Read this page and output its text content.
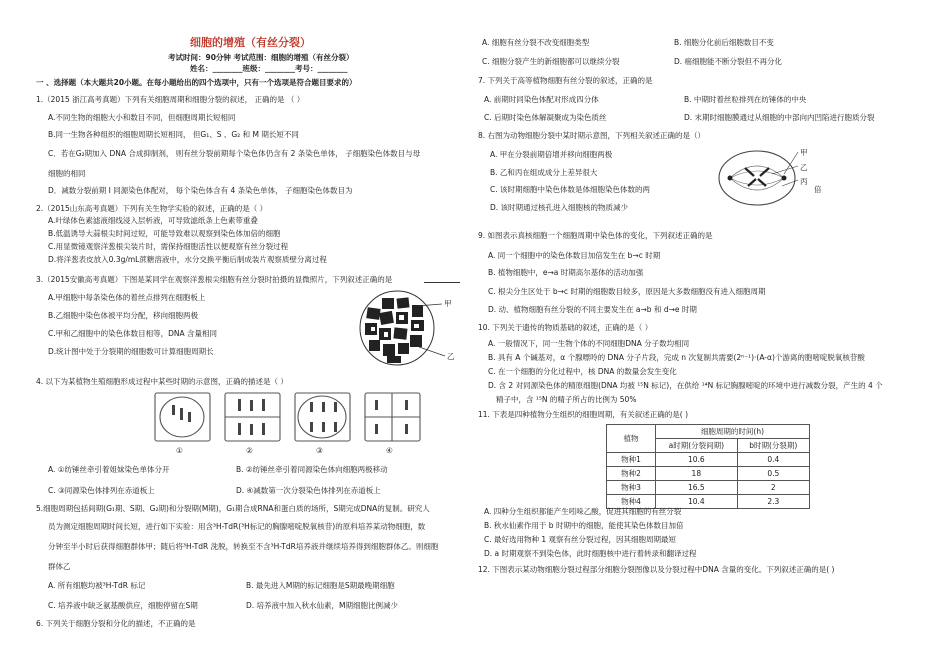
细胞的增殖（有丝分裂）
考试时间：90分钟 考试范围：细胞的增殖（有丝分裂）
姓名：________班级：________考号：________
一 、选择题（本大题共20小题。在每小题给出的四个选项中，只有一个选项是符合题目要求的）
1.（2015 浙江高考真题）下列有关细胞周期和细胞分裂的叙述， 正确的是 （ ）
A.不同生物的细胞大小和数目不同，但细胞周期长短相同
B.同一生物各种组织的细胞周期长短相同， 但G₁、S 、G₂ 和 M 期长短不同
C．若在G₂期加入 DNA 合成抑制剂， 则有丝分裂前期每个染色体仍含有 2 条染色单体， 子细胞染色体数目与母
细胞的相同
D．减数分裂前期 I 同源染色体配对， 每个染色体含有 4 条染色单体， 子细胞染色体数目为
2.（2015山东高考真题）下列有关生物学实验的叙述，正确的是（ ）
A.叶绿体色素滤液细线浸入层析液，可导致滤纸条上色素带重叠
B.低温诱导大蒜根尖时间过短，可能导致难以观察到染色体加倍的细胞
C.用显微镜观察洋葱根尖装片时，需保持细胞活性以便观察有丝分裂过程
D.将洋葱表皮放入0.3g/mL蔗糖溶液中，水分交换平衡后制成装片观察质壁分离过程
3.（2015安徽高考真题）下图是某同学在观察洋葱根尖细胞有丝分裂时拍摄的显微照片，下列叙述正确的是
A.甲细胞中每条染色体的着丝点排列在细胞板上
B.乙细胞中染色体被平均分配，移向细胞两极
C.甲和乙细胞中的染色体数目相等，DNA 含量相同
D.统计图中处于分裂期的细胞数可计算细胞周期长
甲
乙
4. 以下为某植物生殖细胞形成过程中某些时期的示意图，正确的描述是（ ）
①	②	③	④
A. ①纺锤丝牵引着姐妹染色单体分开	B. ②纺锤丝牵引着同源染色体向细胞两极移动
C. ③同源染色体排列在赤道板上	D. ④减数第一次分裂染色体排列在赤道板上
5.细胞周期包括间期(G₁期、S期、G₂期)和分裂期(M期)，G₁期合成RNA和蛋白质的场所，S期完成DNA的复制。研究人
员为测定细胞周期时间长短，进行如下实验：用含³H-TdR(³H标记的胸腺嘧啶脱氧核苷)的原料培养某动物细胞，数
分钟至半小时后获得细胞群体甲；随后将³H-TdR 洗脱，转换至不含³H-TdR培养液并继续培养得到细胞群体乙。则细胞
群体乙
A. 所有细胞均被³H-TdR 标记	B. 最先进入M期的标记细胞是S期最晚期细胞
C. 培养液中缺乏氨基酸供应，细胞停留在S期	D. 培养液中加入秋水仙素，M期细胞比例减少
6. 下列关于细胞分裂和分化的描述，不正确的是
A. 细胞有丝分裂不改变细胞类型	B. 细胞分化前后细胞数目不变
C. 细胞分裂产生的新细胞都可以继续分裂	D. 癌细胞能不断分裂但不再分化
7. 下列关于高等植物细胞有丝分裂的叙述，正确的是
A. 前期时同染色体配对形成四分体	B. 中期时着丝粒排列在纺锤体的中央
C. 后期时染色体解凝聚成为染色质丝	D. 末期时细胞膜通过从细胞的中部向内凹陷进行胞质分裂
8. 右图为动物细胞分裂中某时期示意图，下列相关叙述正确的是（）
A. 甲在分裂前期倍增并移向细胞两极
B. 乙和丙在组成成分上差异很大
C. 该时期细胞中染色体数是体细胞染色体数的两	倍
D. 该时期通过核孔进入细胞核的物质减少
甲
乙
丙
9. 如图表示真核细胞一个细胞周期中染色体的变化，下列叙述正确的是
A. 同一个细胞中的染色体数目加倍发生在 b→c 时期
B. 植物细胞中，e→a 时期高尔基体的活动加强
C. 根尖分生区处于 b→c 时期的细胞数目较多，原因是大多数细胞没有进入细胞周期
D. 动、植物细胞有丝分裂的不同主要发生在 a→b 和 d→e 时期
10. 下列关于遗传的物质基础的叙述，正确的是（ ）
A. 一般情况下，同一生物个体的不同细胞DNA 分子数均相同
B. 具有 A 个碱基对，α 个腺嘌呤的 DNA 分子片段，完成 n 次复制共需要(2ⁿ⁻¹)·(A-α)个游离的胞嘧啶脱氧核苷酸
C. 在一个细胞的分化过程中，核 DNA 的数量会发生变化
D. 含 2 对同源染色体的精原细胞(DNA 均被 ¹⁵N 标记)，在供给 ¹⁴N 标记胸腺嘧啶的环境中进行减数分裂，产生的 4 个
精子中，含 ¹⁵N 的精子所占的比例为 50%
11. 下表是四种植物分生组织的细胞周期，有关叙述正确的是( )
植物	细胞周期的时间(h)	
	a时期(分裂间期)	b时期(分裂期)
物种1	10.6	0.4
物种2	18	0.5
物种3	16.5	2
物种4	10.4	2.3
A. 四种分生组织都能产生吲哚乙酸，促进其细胞的有丝分裂
B. 秋水仙素作用于 b 时期中的细胞，能使其染色体数目加倍
C. 最好选用物种 1 观察有丝分裂过程，因其细胞周期最短
D. a 时期观察不到染色体，此时细胞核中进行着转录和翻译过程
12. 下图表示某动物细胞分裂过程部分细胞分裂图像以及分裂过程中DNA 含量的变化。下列叙述正确的是( )
